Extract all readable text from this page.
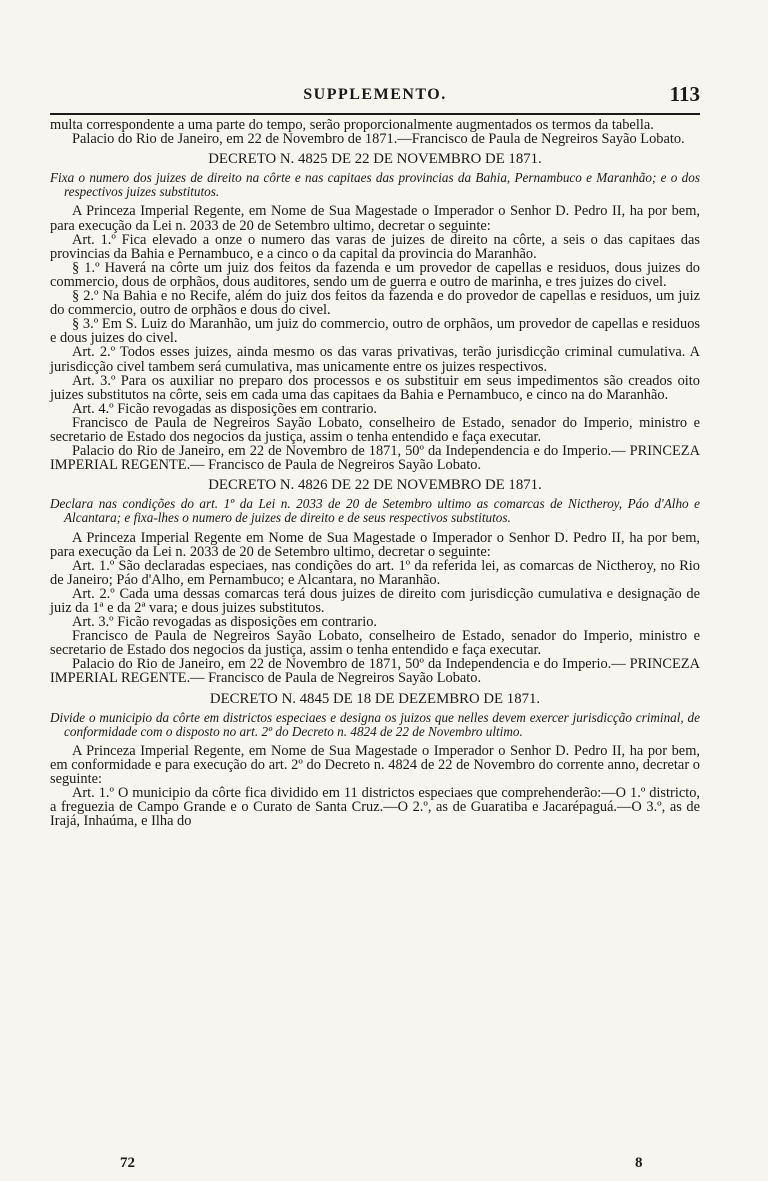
SUPPLEMENTO.	113

multa correspondente a uma parte do tempo, serão proporcionalmente augmentados os termos da tabella.

Palacio do Rio de Janeiro, em 22 de Novembro de 1871.—Francisco de Paula de Negreiros Sayão Lobato.

DECRETO N. 4825 DE 22 DE NOVEMBRO DE 1871.

Fixa o numero dos juizes de direito na côrte e nas capitaes das provincias da Bahia, Pernambuco e Maranhão; e o dos respectivos juizes substitutos.

A Princeza Imperial Regente, em Nome de Sua Magestade o Imperador o Senhor D. Pedro II, ha por bem, para execução da Lei n. 2033 de 20 de Setembro ultimo, decretar o seguinte:

Art. 1.º Fica elevado a onze o numero das varas de juizes de direito na côrte, a seis o das capitaes das provincias da Bahia e Pernambuco, e a cinco o da capital da provincia do Maranhão.

§ 1.º Haverá na côrte um juiz dos feitos da fazenda e um provedor de capellas e residuos, dous juizes do commercio, dous de orphãos, dous auditores, sendo um de guerra e outro de marinha, e tres juizes do civel.

§ 2.º Na Bahia e no Recife, além do juiz dos feitos da fazenda e do provedor de capellas e residuos, um juiz do commercio, outro de orphãos e dous do civel.

§ 3.º Em S. Luiz do Maranhão, um juiz do commercio, outro de orphãos, um provedor de capellas e residuos e dous juizes do civel.

Art. 2.º Todos esses juizes, ainda mesmo os das varas privativas, terão jurisdicção criminal cumulativa. A jurisdicção civel tambem será cumulativa, mas unicamente entre os juizes respectivos.

Art. 3.º Para os auxiliar no preparo dos processos e os substituir em seus impedimentos são creados oito juizes substitutos na côrte, seis em cada uma das capitaes da Bahia e Pernambuco, e cinco na do Maranhão.

Art. 4.º Ficão revogadas as disposições em contrario.

Francisco de Paula de Negreiros Sayão Lobato, conselheiro de Estado, senador do Imperio, ministro e secretario de Estado dos negocios da justiça, assim o tenha entendido e faça executar.

Palacio do Rio de Janeiro, em 22 de Novembro de 1871, 50º da Independencia e do Imperio.— PRINCEZA IMPERIAL REGENTE.— Francisco de Paula de Negreiros Sayão Lobato.

DECRETO N. 4826 DE 22 DE NOVEMBRO DE 1871.

Declara nas condições do art. 1º da Lei n. 2033 de 20 de Setembro ultimo as comarcas de Nictheroy, Páo d'Alho e Alcantara; e fixa-lhes o numero de juizes de direito e de seus respectivos substitutos.

A Princeza Imperial Regente em Nome de Sua Magestade o Imperador o Senhor D. Pedro II, ha por bem, para execução da Lei n. 2033 de 20 de Setembro ultimo, decretar o seguinte:

Art. 1.º São declaradas especiaes, nas condições do art. 1º da referida lei, as comarcas de Nictheroy, no Rio de Janeiro; Páo d'Alho, em Pernambuco; e Alcantara, no Maranhão.

Art. 2.º Cada uma dessas comarcas terá dous juizes de direito com jurisdicção cumulativa e designação de juiz da 1ª e da 2ª vara; e dous juizes substitutos.

Art. 3.º Ficão revogadas as disposições em contrario.

Francisco de Paula de Negreiros Sayão Lobato, conselheiro de Estado, senador do Imperio, ministro e secretario de Estado dos negocios da justiça, assim o tenha entendido e faça executar.

Palacio do Rio de Janeiro, em 22 de Novembro de 1871, 50º da Independencia e do Imperio.— PRINCEZA IMPERIAL REGENTE.— Francisco de Paula de Negreiros Sayão Lobato.

DECRETO N. 4845 DE 18 DE DEZEMBRO DE 1871.

Divide o municipio da côrte em districtos especiaes e designa os juizos que nelles devem exercer jurisdicção criminal, de conformidade com o disposto no art. 2º do Decreto n. 4824 de 22 de Novembro ultimo.

A Princeza Imperial Regente, em Nome de Sua Magestade o Imperador o Senhor D. Pedro II, ha por bem, em conformidade e para execução do art. 2º do Decreto n. 4824 de 22 de Novembro do corrente anno, decretar o seguinte:

Art. 1.º O municipio da côrte fica dividido em 11 districtos especiaes que comprehenderão:—O 1.º districto, a freguezia de Campo Grande e o Curato de Santa Cruz.—O 2.º, as de Guaratiba e Jacarépaguá.—O 3.º, as de Irajá, Inhaúma, e Ilha do

72	8
